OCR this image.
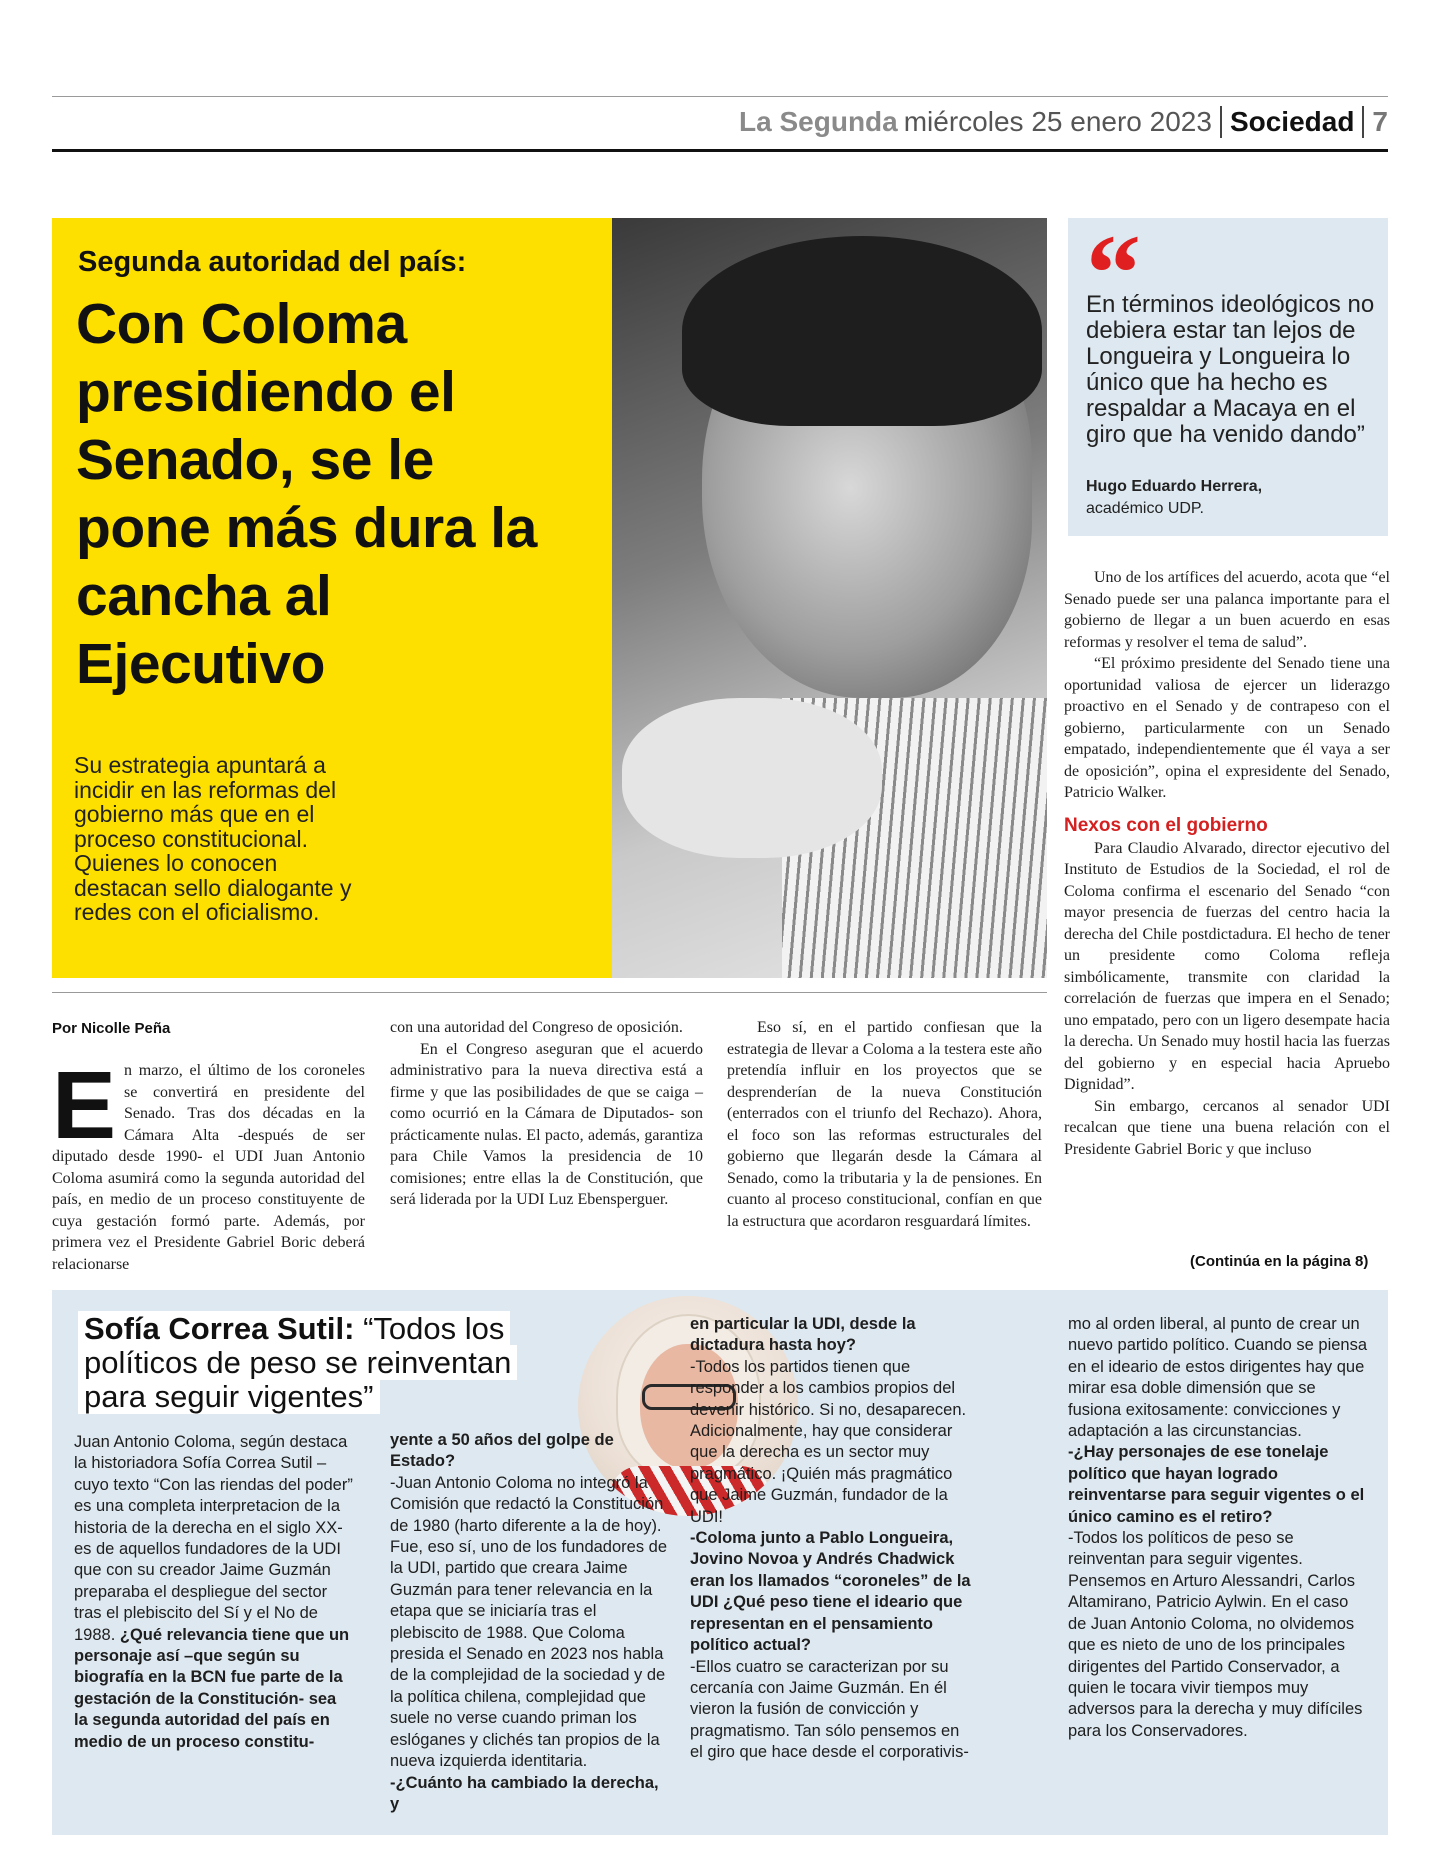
La Segunda miércoles 25 enero 2023 Sociedad 7
Segunda autoridad del país:
Con Coloma presidiendo el Senado, se le pone más dura la cancha al Ejecutivo
Su estrategia apuntará a incidir en las reformas del gobierno más que en el proceso constitucional. Quienes lo conocen destacan sello dialogante y redes con el oficialismo.
“
En términos ideológicos no debiera estar tan lejos de Longueira y Longueira lo único que ha hecho es respaldar a Macaya en el giro que ha venido dando”
Hugo Eduardo Herrera,
académico UDP.

Uno de los artífices del acuerdo, acota que “el Senado puede ser una palanca importante para el gobierno de llegar a un buen acuerdo en esas reformas y resolver el tema de salud”.

“El próximo presidente del Senado tiene una oportunidad valiosa de ejercer un liderazgo proactivo en el Senado y de contrapeso con el gobierno, particularmente con un Senado empatado, independientemente que él vaya a ser de oposición”, opina el expresidente del Senado, Patricio Walker.

Nexos con el gobierno

Para Claudio Alvarado, director ejecutivo del Instituto de Estudios de la Sociedad, el rol de Coloma confirma el escenario del Senado “con mayor presencia de fuerzas del centro hacia la derecha del Chile postdictadura. El hecho de tener un presidente como Coloma refleja simbólicamente, transmite con claridad la correlación de fuerzas que impera en el Senado; uno empatado, pero con un ligero desempate hacia la derecha. Un Senado muy hostil hacia las fuerzas del gobierno y en especial hacia Apruebo Dignidad”.

Sin embargo, cercanos al senador UDI recalcan que tiene una buena relación con el Presidente Gabriel Boric y que incluso

Por Nicolle Peña
E n marzo, el último de los coroneles se convertirá en presidente del Senado. Tras dos décadas en la Cámara Alta -después de ser diputado desde 1990- el UDI Juan Antonio Coloma asumirá como la segunda autoridad del país, en medio de un proceso constituyente de cuya gestación formó parte. Además, por primera vez el Presidente Gabriel Boric deberá relacionarse

con una autoridad del Congreso de oposición.

En el Congreso aseguran que el acuerdo administrativo para la nueva directiva está a firme y que las posibilidades de que se caiga –como ocurrió en la Cámara de Diputados- son prácticamente nulas. El pacto, además, garantiza para Chile Vamos la presidencia de 10 comisiones; entre ellas la de Constitución, que será liderada por la UDI Luz Ebensperguer.

Eso sí, en el partido confiesan que la estrategia de llevar a Coloma a la testera este año pretendía influir en los proyectos que se desprenderían de la nueva Constitución (enterrados con el triunfo del Rechazo). Ahora, el foco son las reformas estructurales del gobierno que llegarán desde la Cámara al Senado, como la tributaria y la de pensiones. En cuanto al proceso constitucional, confían en que la estructura que acordaron resguardará límites.

(Continúa en la página 8)
Sofía Correa Sutil: “Todos los políticos de peso se reinventan para seguir vigentes”
Juan Antonio Coloma, según destaca la historiadora Sofía Correa Sutil –cuyo texto “Con las riendas del poder” es una completa interpretacion de la historia de la derecha en el siglo XX- es de aquellos fundadores de la UDI que con su creador Jaime Guzmán preparaba el despliegue del sector tras el plebiscito del Sí y el No de 1988. ¿Qué relevancia tiene que un personaje así –que según su biografía en la BCN fue parte de la gestación de la Constitución- sea la segunda autoridad del país en medio de un proceso constitu-
yente a 50 años del golpe de Estado?
-Juan Antonio Coloma no integró la Comisión que redactó la Constitución de 1980 (harto diferente a la de hoy). Fue, eso sí, uno de los fundadores de la UDI, partido que creara Jaime Guzmán para tener relevancia en la etapa que se iniciaría tras el plebiscito de 1988. Que Coloma presida el Senado en 2023 nos habla de la complejidad de la sociedad y de la política chilena, complejidad que suele no verse cuando priman los eslóganes y clichés tan propios de la nueva izquierda identitaria.
-¿Cuánto ha cambiado la derecha, y
en particular la UDI, desde la dictadura hasta hoy?
-Todos los partidos tienen que responder a los cambios propios del devenir histórico. Si no, desaparecen. Adicionalmente, hay que considerar que la derecha es un sector muy pragmático. ¡Quién más pragmático que Jaime Guzmán, fundador de la UDI!
-Coloma junto a Pablo Longueira, Jovino Novoa y Andrés Chadwick eran los llamados “coroneles” de la UDI ¿Qué peso tiene el ideario que representan en el pensamiento político actual?
-Ellos cuatro se caracterizan por su cercanía con Jaime Guzmán. En él vieron la fusión de convicción y pragmatismo. Tan sólo pensemos en el giro que hace desde el corporativis-
mo al orden liberal, al punto de crear un nuevo partido político. Cuando se piensa en el ideario de estos dirigentes hay que mirar esa doble dimensión que se fusiona exitosamente: convicciones y adaptación a las circunstancias.
-¿Hay personajes de ese tonelaje político que hayan logrado reinventarse para seguir vigentes o el único camino es el retiro?
-Todos los políticos de peso se reinventan para seguir vigentes. Pensemos en Arturo Alessandri, Carlos Altamirano, Patricio Aylwin. En el caso de Juan Antonio Coloma, no olvidemos que es nieto de uno de los principales dirigentes del Partido Conservador, a quien le tocara vivir tiempos muy adversos para la derecha y muy difíciles para los Conservadores.
